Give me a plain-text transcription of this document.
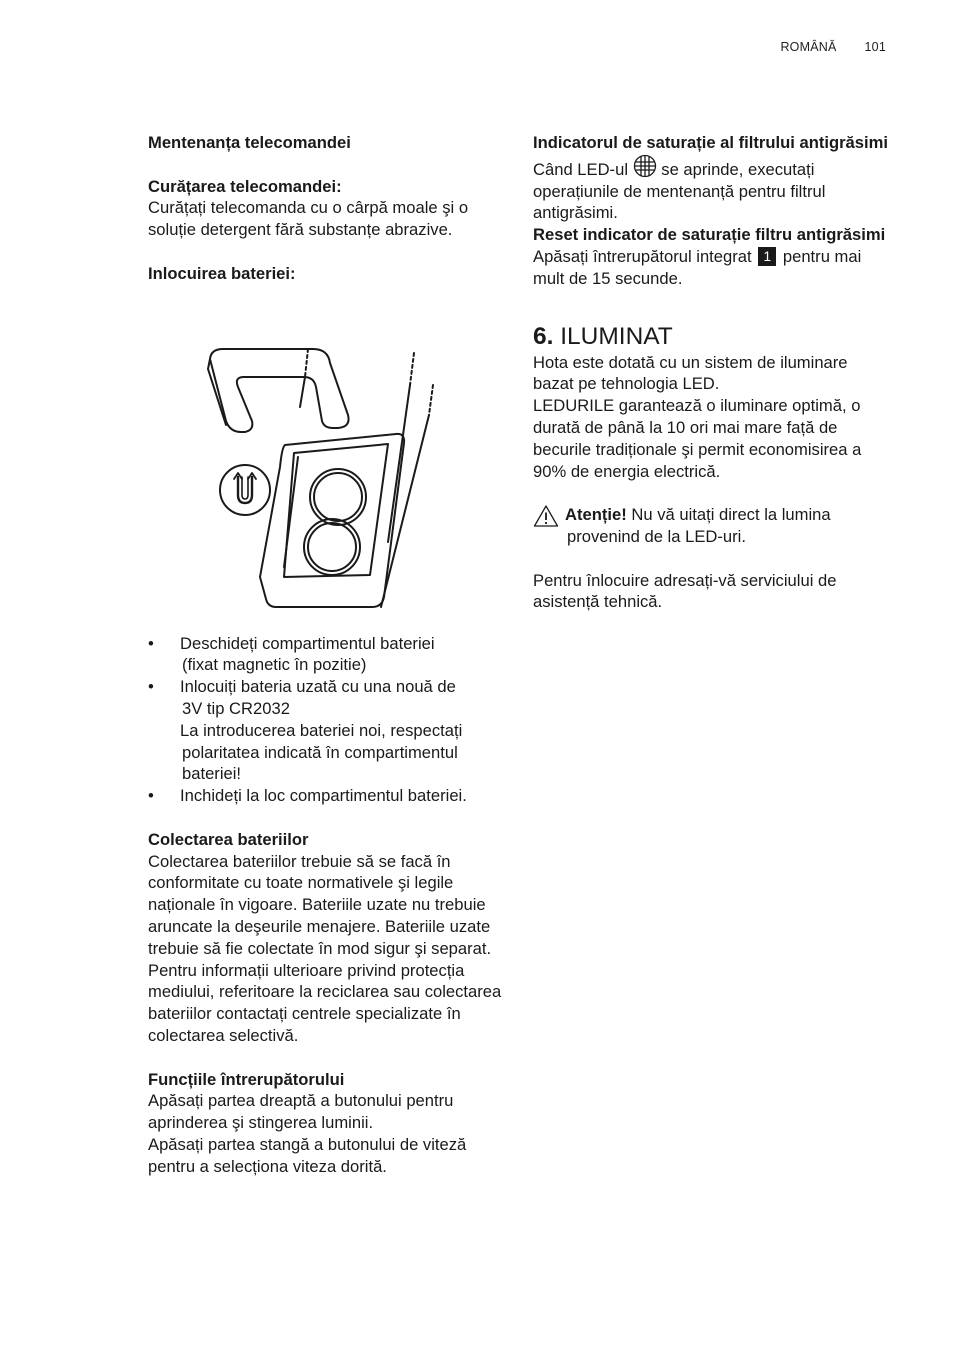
ROMÂNĂ 101
Mentenanța telecomandei
Curățarea telecomandei:

Curățați telecomanda cu o cârpă moale şi o soluție detergent fără substanțe abrazive.

Inlocuirea bateriei:
• Deschideți compartimentul bateriei
(fixat magnetic în pozitie)
• Inlocuiți bateria uzată cu una nouă de
3V tip CR2032
La introducerea bateriei noi, respectați
polaritatea indicată în compartimentul bateriei!
• Inchideți la loc compartimentul bateriei.
Colectarea bateriilor

Colectarea bateriilor trebuie să se facă în conformitate cu toate normativele şi legile naționale în vigoare. Bateriile uzate nu trebuie aruncate la deşeurile menajere. Bateriile uzate trebuie să fie colectate în mod sigur şi separat.

Pentru informații ulterioare privind protecția mediului, referitoare la reciclarea sau colectarea bateriilor contactați centrele specializate în colectarea selectivă.

Funcțiile întrerupătorului

Apăsați partea dreaptă a butonului pentru aprinderea şi stingerea luminii.

Apăsați partea stangă a butonului de viteză pentru a selecționa viteza dorită.

Indicatorul de saturație al filtrului antigrăsimi

Când LED-ul se aprinde, executați operațiunile de mentenanță pentru filtrul antigrăsimi.

Reset indicator de saturație filtru antigrăsimi

Apăsați întrerupătorul integrat 1 pentru mai mult de 15 secunde.

6. ILUMINAT

Hota este dotată cu un sistem de iluminare bazat pe tehnologia LED.

LEDURILE garantează o iluminare optimă, o durată de până la 10 ori mai mare față de becurile tradiționale şi permit economisirea a 90% de energia electrică.

Atenție! Nu vă uitați direct la lumina
provenind de la LED-uri.

Pentru înlocuire adresați-vă serviciului de asistență tehnică.
